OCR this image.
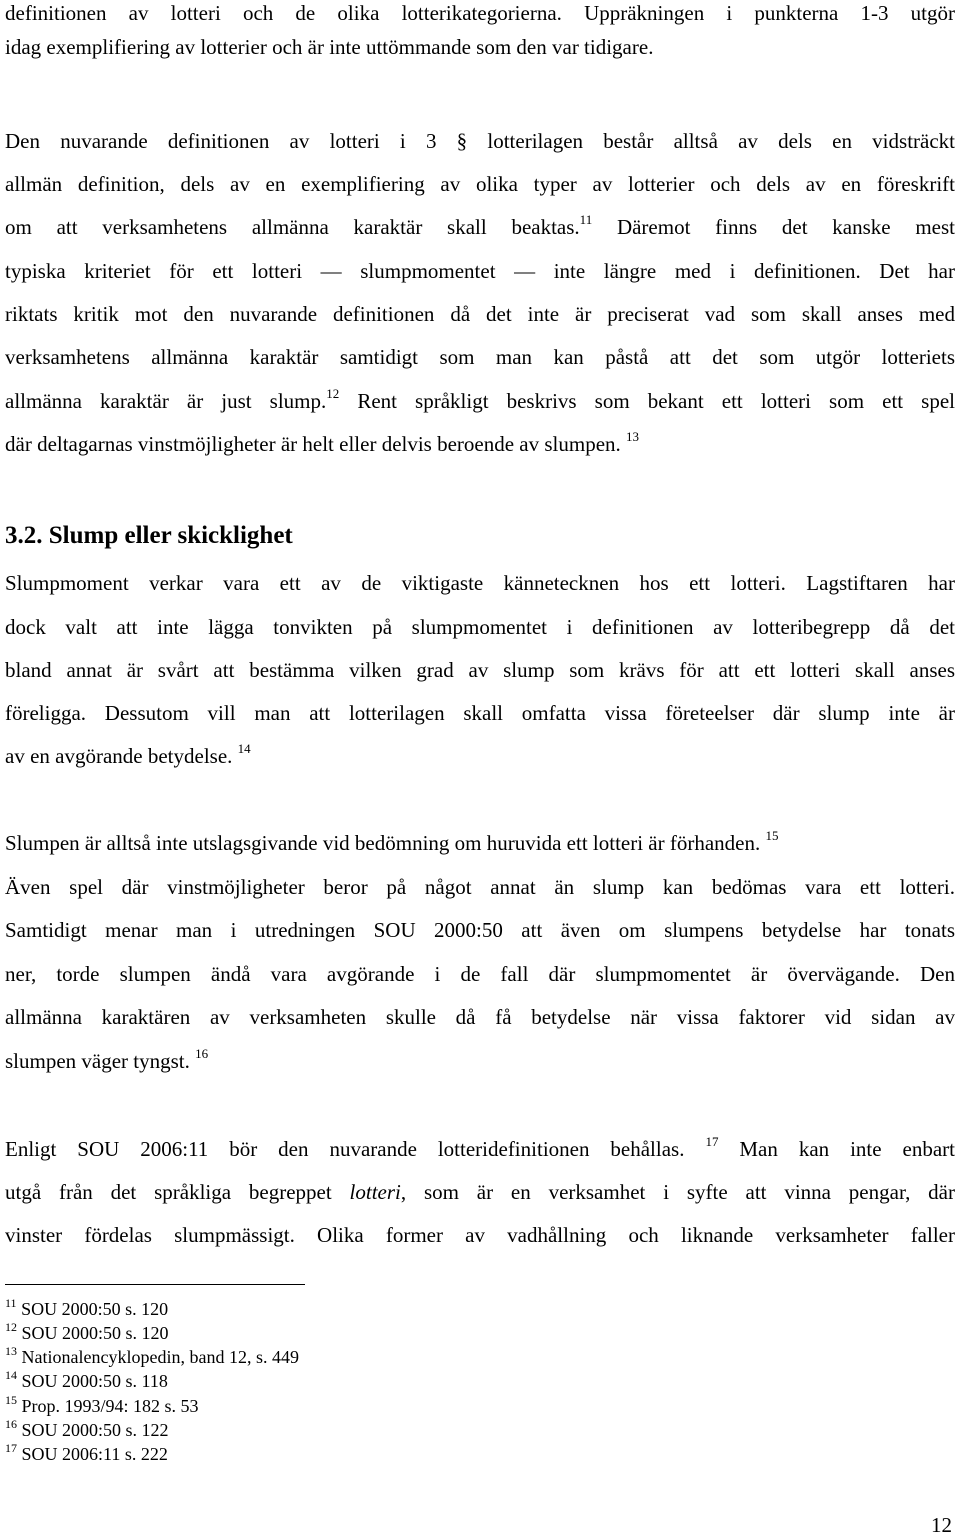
definitionen av lotteri och de olika lotterikategorierna. Uppräkningen i punkterna 1-3 utgör
idag exemplifiering av lotterier och är inte uttömmande som den var tidigare.
Den nuvarande definitionen av lotteri i 3 § lotterilagen består alltså av dels en vidsträckt
allmän definition, dels av en exemplifiering av olika typer av lotterier och dels av en föreskrift
om att verksamhetens allmänna karaktär skall beaktas.$^{11}$ Däremot finns det kanske mest
typiska kriteriet för ett lotteri — slumpmomentet — inte längre med i definitionen. Det har
riktats kritik mot den nuvarande definitionen då det inte är preciserat vad som skall anses med
verksamhetens allmänna karaktär samtidigt som man kan påstå att det som utgör lotteriets
allmänna karaktär är just slump.$^{12}$ Rent språkligt beskrivs som bekant ett lotteri som ett spel
där deltagarnas vinstmöjligheter är helt eller delvis beroende av slumpen. $^{13}$
3.2. Slump eller skicklighet
Slumpmoment verkar vara ett av de viktigaste kännetecknen hos ett lotteri. Lagstiftaren har
dock valt att inte lägga tonvikten på slumpmomentet i definitionen av lotteribegrepp då det
bland annat är svårt att bestämma vilken grad av slump som krävs för att ett lotteri skall anses
föreligga. Dessutom vill man att lotterilagen skall omfatta vissa företeelser där slump inte är
av en avgörande betydelse. $^{14}$
Slumpen är alltså inte utslagsgivande vid bedömning om huruvida ett lotteri är förhanden. $^{15}$
Även spel där vinstmöjligheter beror på något annat än slump kan bedömas vara ett lotteri.
Samtidigt menar man i utredningen SOU 2000:50 att även om slumpens betydelse har tonats
ner, torde slumpen ändå vara avgörande i de fall där slumpmomentet är övervägande. Den
allmänna karaktären av verksamheten skulle då få betydelse när vissa faktorer vid sidan av
slumpen väger tyngst. $^{16}$
Enligt SOU 2006:11 bör den nuvarande lotteridefinitionen behållas. $^{17}$ Man kan inte enbart
utgå från det språkliga begreppet lotteri, som är en verksamhet i syfte att vinna pengar, där
vinster fördelas slumpmässigt. Olika former av vadhållning och liknande verksamheter faller
$^{11}$ SOU 2000:50 s. 120
$^{12}$ SOU 2000:50 s. 120
$^{13}$ Nationalencyklopedin, band 12, s. 449
$^{14}$ SOU 2000:50 s. 118
$^{15}$ Prop. 1993/94: 182 s. 53
$^{16}$ SOU 2000:50 s. 122
$^{17}$ SOU 2006:11 s. 222
12
